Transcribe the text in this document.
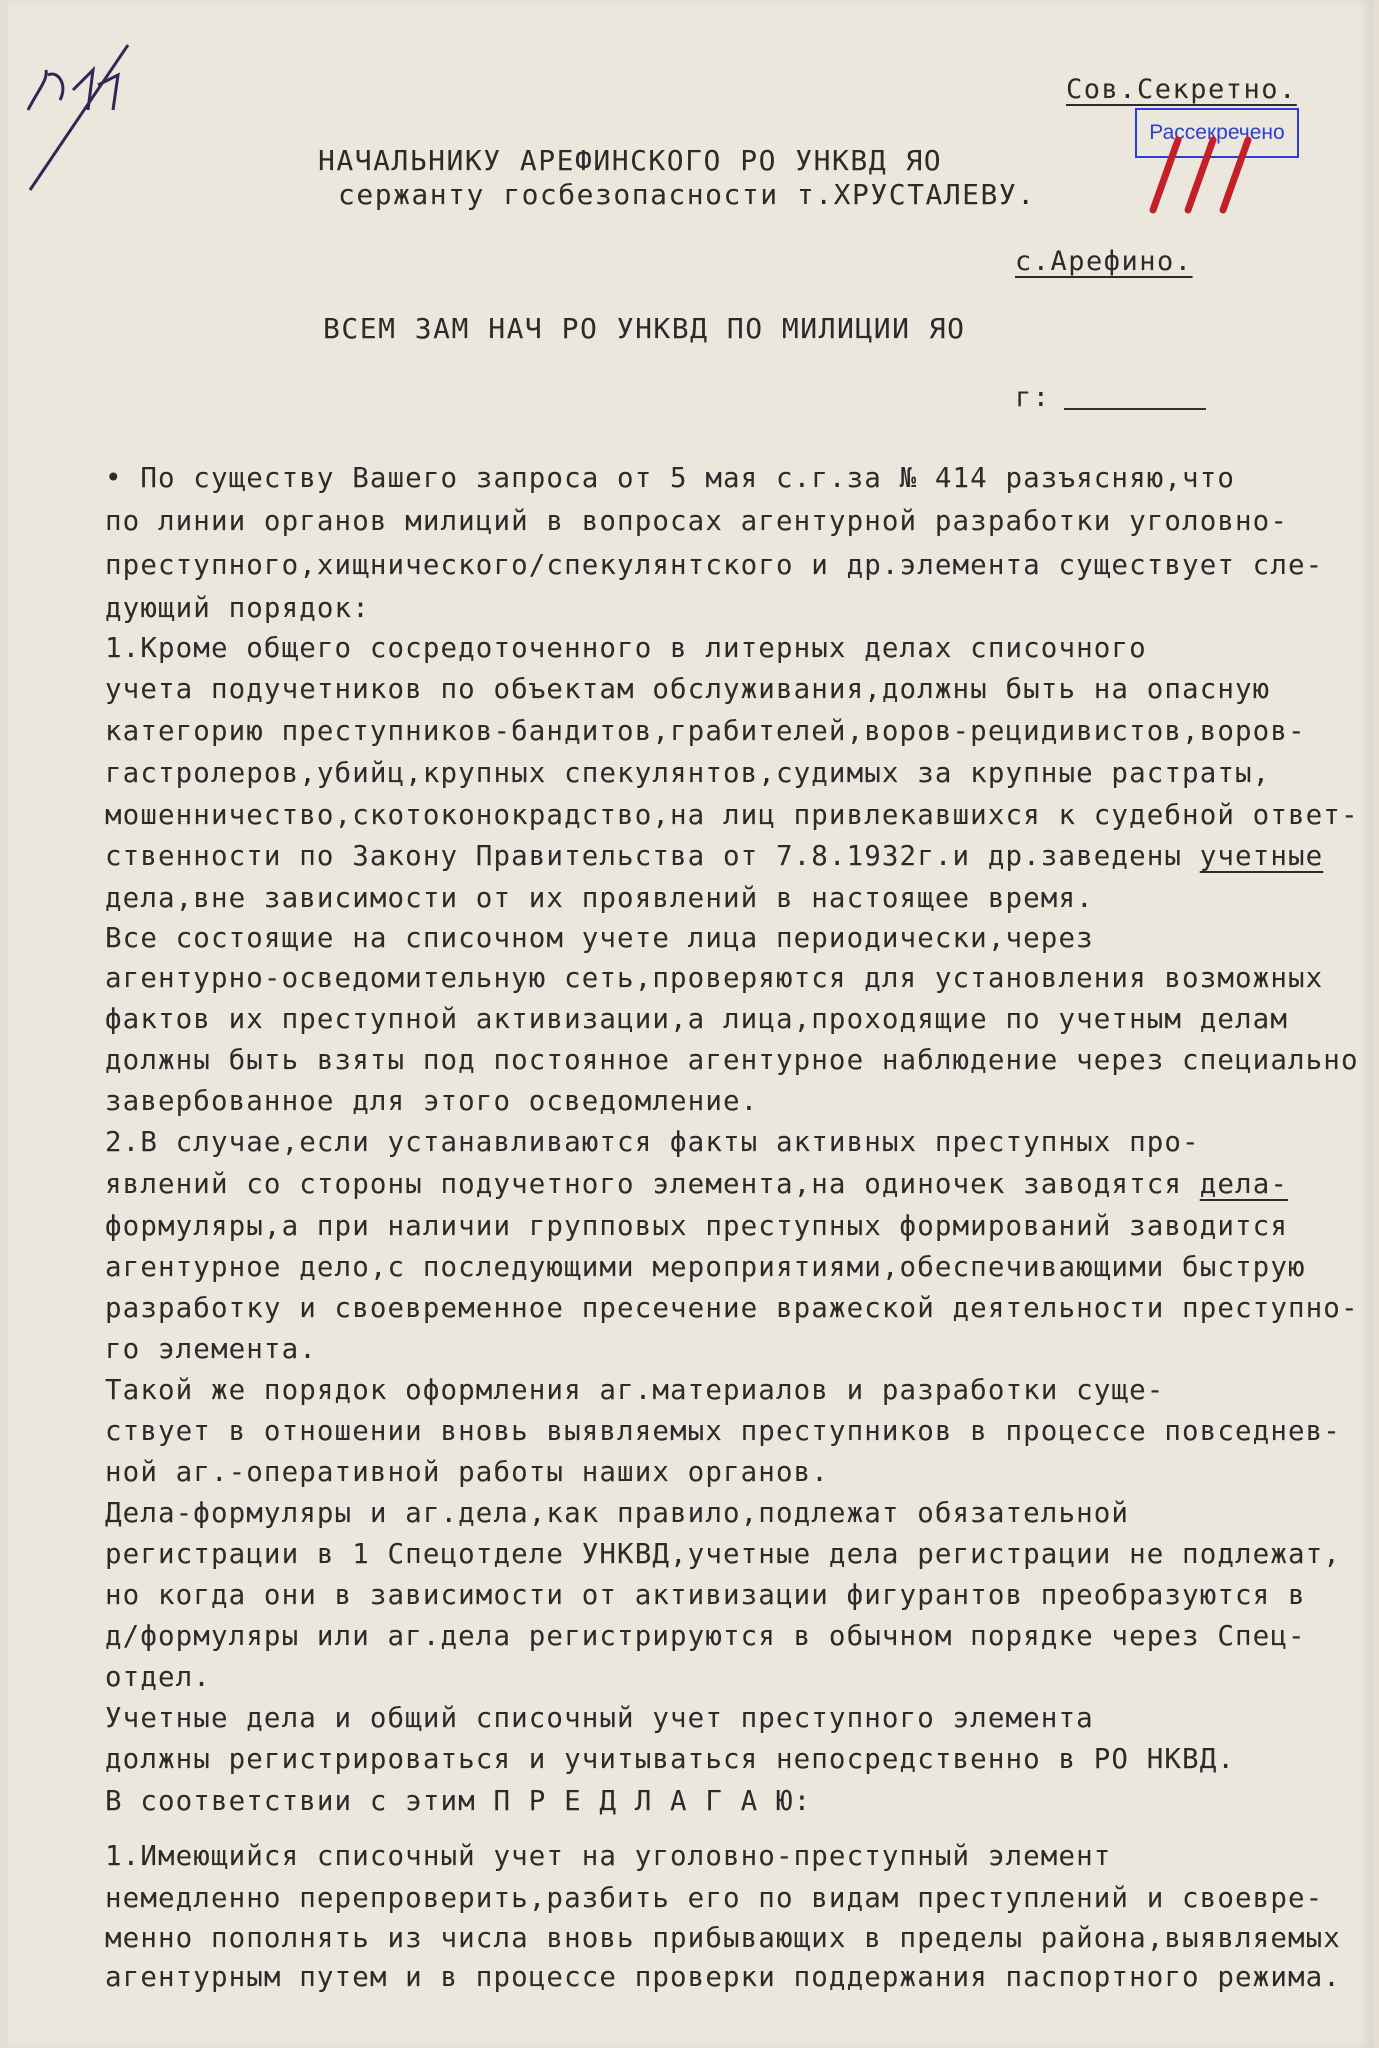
Сов.Секретно.
Рассекречено
НАЧАЛЬНИКУ АРЕФИНСКОГО РО УНКВД ЯО
сержанту госбезопасности т.ХРУСТАЛЕВУ.
с.Арефино.
ВСЕМ ЗАМ НАЧ РО УНКВД ПО МИЛИЦИИ ЯО
г:
• По существу Вашего запроса от 5 мая с.г.за № 414 разъясняю,что
по линии органов милиций в вопросах агентурной разработки уголовно-
преступного,хищнического/спекулянтского и др.элемента существует сле-
дующий порядок:
1.Кроме общего сосредоточенного в литерных делах списочного
учета подучетников по объектам обслуживания,должны быть на опасную
категорию преступников-бандитов,грабителей,воров-рецидивистов,воров-
гастролеров,убийц,крупных спекулянтов,судимых за крупные растраты,
мошенничество,скотоконокрадство,на лиц привлекавшихся к судебной ответ-
ственности по Закону Правительства от 7.8.1932г.и др.заведены учетные
дела,вне зависимости от их проявлений в настоящее время.
Все состоящие на списочном учете лица периодически,через
агентурно-осведомительную сеть,проверяются для установления возможных
фактов их преступной активизации,а лица,проходящие по учетным делам
должны быть взяты под постоянное агентурное наблюдение через специально
завербованное для этого осведомление.
2.В случае,если устанавливаются факты активных преступных про-
явлений со стороны подучетного элемента,на одиночек заводятся дела-
формуляры,а при наличии групповых преступных формирований заводится
агентурное дело,с последующими мероприятиями,обеспечивающими быструю
разработку и своевременное пресечение вражеской деятельности преступно-
го элемента.
Такой же порядок оформления аг.материалов и разработки суще-
ствует в отношении вновь выявляемых преступников в процессе повседнев-
ной аг.-оперативной работы наших органов.
Дела-формуляры и аг.дела,как правило,подлежат обязательной
регистрации в 1 Спецотделе УНКВД,учетные дела регистрации не подлежат,
но когда они в зависимости от активизации фигурантов преобразуются в
д/формуляры или аг.дела регистрируются в обычном порядке через Спец-
отдел.
Учетные дела и общий списочный учет преступного элемента
должны регистрироваться и учитываться непосредственно в РО НКВД.
В соответствии с этим П Р Е Д Л А Г А Ю:
1.Имеющийся списочный учет на уголовно-преступный элемент
немедленно перепроверить,разбить его по видам преступлений и своевре-
менно пополнять из числа вновь прибывающих в пределы района,выявляемых
агентурным путем и в процессе проверки поддержания паспортного режима.
